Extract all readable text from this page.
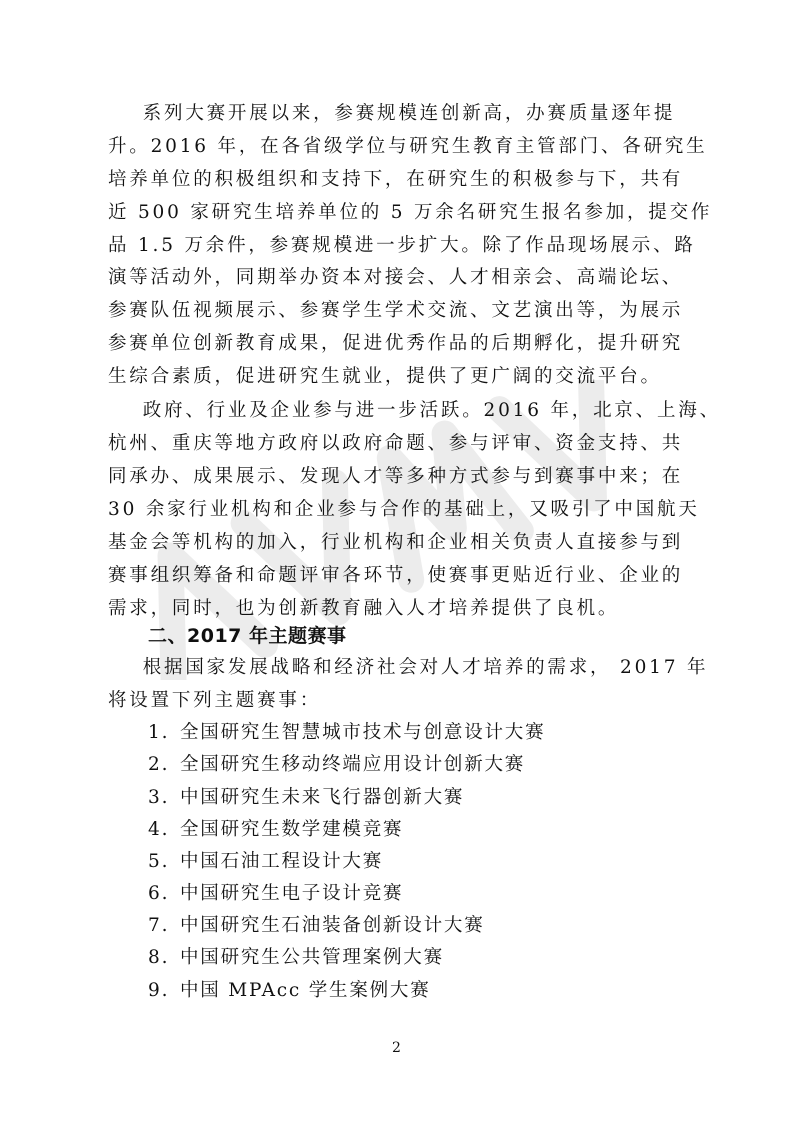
系列大赛开展以来，参赛规模连创新高，办赛质量逐年提
升。2016 年，在各省级学位与研究生教育主管部门、各研究生
培养单位的积极组织和支持下，在研究生的积极参与下，共有
近 500 家研究生培养单位的 5 万余名研究生报名参加，提交作
品 1.5 万余件，参赛规模进一步扩大。除了作品现场展示、路
演等活动外，同期举办资本对接会、人才相亲会、高端论坛、
参赛队伍视频展示、参赛学生学术交流、文艺演出等，为展示
参赛单位创新教育成果，促进优秀作品的后期孵化，提升研究
生综合素质，促进研究生就业，提供了更广阔的交流平台。
政府、行业及企业参与进一步活跃。2016 年，北京、上海、
杭州、重庆等地方政府以政府命题、参与评审、资金支持、共
同承办、成果展示、发现人才等多种方式参与到赛事中来；在
30 余家行业机构和企业参与合作的基础上，又吸引了中国航天
基金会等机构的加入，行业机构和企业相关负责人直接参与到
赛事组织筹备和命题评审各环节，使赛事更贴近行业、企业的
需求，同时，也为创新教育融入人才培养提供了良机。
二、2017 年主题赛事
根据国家发展战略和经济社会对人才培养的需求， 2017 年
将设置下列主题赛事：
1. 全国研究生智慧城市技术与创意设计大赛
2. 全国研究生移动终端应用设计创新大赛
3. 中国研究生未来飞行器创新大赛
4. 全国研究生数学建模竞赛
5. 中国石油工程设计大赛
6. 中国研究生电子设计竞赛
7. 中国研究生石油装备创新设计大赛
8. 中国研究生公共管理案例大赛
9. 中国 MPAcc 学生案例大赛
2
